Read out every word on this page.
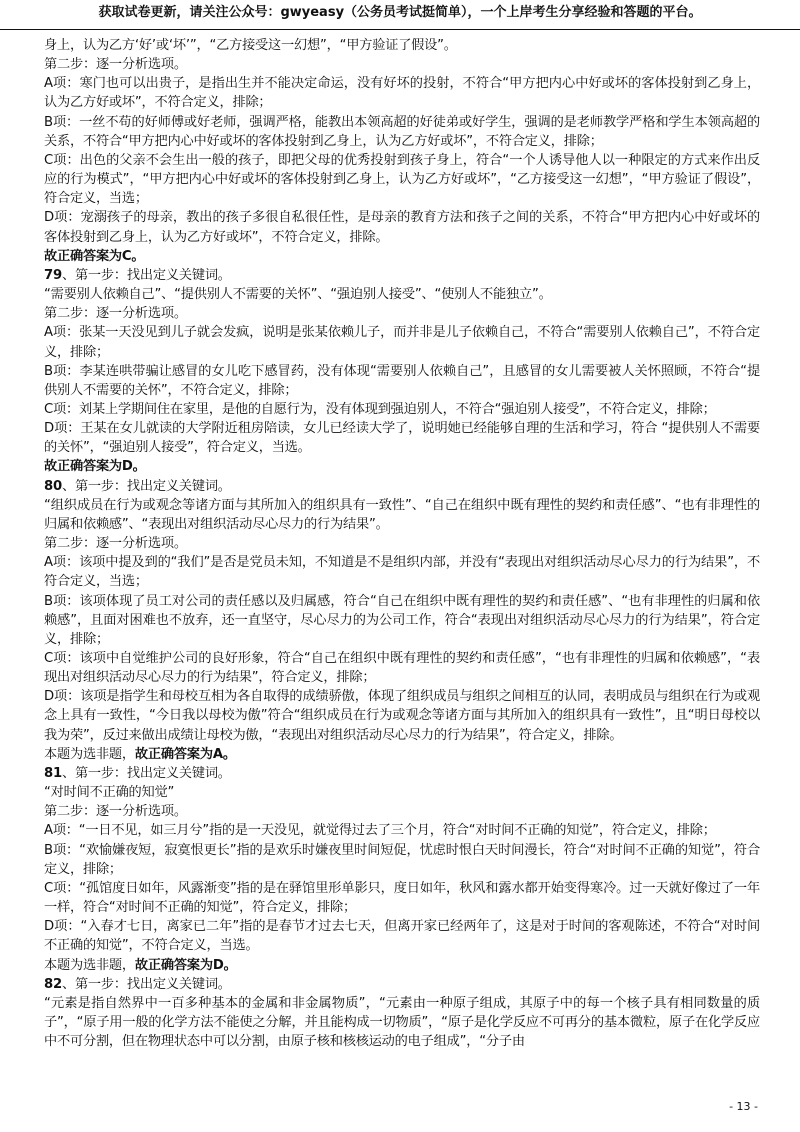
获取试卷更新，请关注公众号：gwyeasy（公务员考试挺简单），一个上岸考生分享经验和答题的平台。

身上，认为乙方‘好’或‘坏’”，“乙方接受这一幻想”，“甲方验证了假设”。

第二步：逐一分析选项。

A项：寒门也可以出贵子，是指出生并不能决定命运，没有好坏的投射，不符合“甲方把内心中好或坏的客体投射到乙身上，认为乙方好或坏”，不符合定义，排除；

B项：一丝不苟的好师傅或好老师，强调严格，能教出本领高超的好徒弟或好学生，强调的是老师教学严格和学生本领高超的关系，不符合“甲方把内心中好或坏的客体投射到乙身上，认为乙方好或坏”，不符合定义，排除；

C项：出色的父亲不会生出一般的孩子，即把父母的优秀投射到孩子身上，符合“一个人诱导他人以一种限定的方式来作出反应的行为模式”，“甲方把内心中好或坏的客体投射到乙身上，认为乙方好或坏”，“乙方接受这一幻想”，“甲方验证了假设”，符合定义，当选；

D项：宠溺孩子的母亲，教出的孩子多很自私很任性，是母亲的教育方法和孩子之间的关系，不符合“甲方把内心中好或坏的客体投射到乙身上，认为乙方好或坏”，不符合定义，排除。

故正确答案为C。

79、第一步：找出定义关键词。

“需要别人依赖自己”、“提供别人不需要的关怀”、“强迫别人接受”、“使别人不能独立”。

第二步：逐一分析选项。

A项：张某一天没见到儿子就会发疯，说明是张某依赖儿子，而并非是儿子依赖自己，不符合“需要别人依赖自己”，不符合定义，排除；

B项：李某连哄带骗让感冒的女儿吃下感冒药，没有体现“需要别人依赖自己”，且感冒的女儿需要被人关怀照顾，不符合“提供别人不需要的关怀”，不符合定义，排除；

C项：刘某上学期间住在家里，是他的自愿行为，没有体现到强迫别人，不符合“强迫别人接受”，不符合定义，排除；

D项：王某在女儿就读的大学附近租房陪读，女儿已经读大学了，说明她已经能够自理的生活和学习，符合 “提供别人不需要的关怀”，“强迫别人接受”，符合定义，当选。

故正确答案为D。

80、第一步：找出定义关键词。

“组织成员在行为或观念等诸方面与其所加入的组织具有一致性”、“自己在组织中既有理性的契约和责任感”、“也有非理性的归属和依赖感”、“表现出对组织活动尽心尽力的行为结果”。

第二步：逐一分析选项。

A项：该项中提及到的“我们”是否是党员未知，不知道是不是组织内部，并没有“表现出对组织活动尽心尽力的行为结果”，不符合定义，当选；

B项：该项体现了员工对公司的责任感以及归属感，符合“自己在组织中既有理性的契约和责任感”、“也有非理性的归属和依赖感”，且面对困难也不放弃，还一直坚守，尽心尽力的为公司工作，符合“表现出对组织活动尽心尽力的行为结果”，符合定义，排除；

C项：该项中自觉维护公司的良好形象，符合“自己在组织中既有理性的契约和责任感”，“也有非理性的归属和依赖感”，“表现出对组织活动尽心尽力的行为结果”，符合定义，排除；

D项：该项是指学生和母校互相为各自取得的成绩骄傲，体现了组织成员与组织之间相互的认同，表明成员与组织在行为或观念上具有一致性，“今日我以母校为傲”符合“组织成员在行为或观念等诸方面与其所加入的组织具有一致性”，且“明日母校以我为荣”，反过来做出成绩让母校为傲，“表现出对组织活动尽心尽力的行为结果”，符合定义，排除。

本题为选非题，故正确答案为A。

81、第一步：找出定义关键词。

“对时间不正确的知觉”

第二步：逐一分析选项。

A项：“一日不见，如三月兮”指的是一天没见，就觉得过去了三个月，符合“对时间不正确的知觉”，符合定义，排除；

B项：“欢愉嫌夜短，寂寞恨更长”指的是欢乐时嫌夜里时间短促，忧虑时恨白天时间漫长，符合“对时间不正确的知觉”，符合定义，排除；

C项：“孤馆度日如年，风露渐变”指的是在驿馆里形单影只，度日如年，秋风和露水都开始变得寒冷。过一天就好像过了一年一样，符合“对时间不正确的知觉”，符合定义，排除；

D项：“入春才七日，离家已二年”指的是春节才过去七天，但离开家已经两年了，这是对于时间的客观陈述，不符合“对时间不正确的知觉”，不符合定义，当选。

本题为选非题，故正确答案为D。

82、第一步：找出定义关键词。

“元素是指自然界中一百多种基本的金属和非金属物质”，“元素由一种原子组成，其原子中的每一个核子具有相同数量的质子”，“原子用一般的化学方法不能使之分解，并且能构成一切物质”，“原子是化学反应不可再分的基本微粒，原子在化学反应中不可分割，但在物理状态中可以分割，由原子核和核核运动的电子组成”，“分子由

- 13 -
